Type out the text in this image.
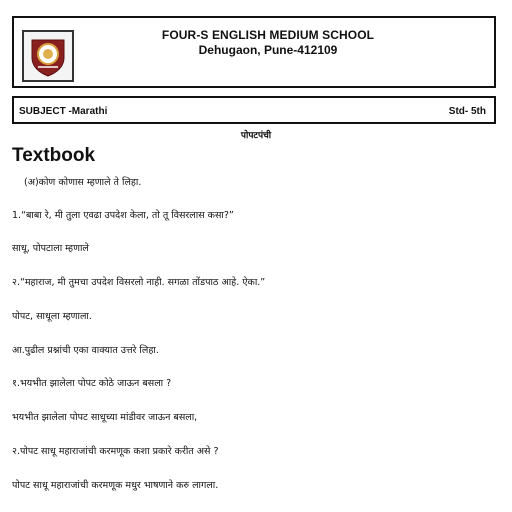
FOUR-S ENGLISH MEDIUM SCHOOL
Dehugaon, Pune-412109
SUBJECT -Marathi	Std- 5th
पोपटपंची
Textbook
(अ)कोण कोणास म्हणाले ते लिहा.
1.“बाबा रे, मी तुला एवढा उपदेश केला, तो तू विसरलास कसा?”
साधू, पोपटाला म्हणाले
२.“महाराज, मी तुमचा उपदेश विसरलो नाही. सगळा तोंडपाठ आहे. ऐका.”
पोपट, साधूला म्हणाला.
आ.पुढील प्रश्नांची एका वाक्यात उत्तरे लिहा.
१.भयभीत झालेला पोपट कोठे जाऊन बसला ?
भयभीत झालेला पोपट साधूच्या मांडीवर जाऊन बसला,
२.पोपट साधू महाराजांची करमणूक कशा प्रकारे करीत असे ?
पोपट साधू महाराजांची करमणूक मधुर भाषणाने करु लागला.
